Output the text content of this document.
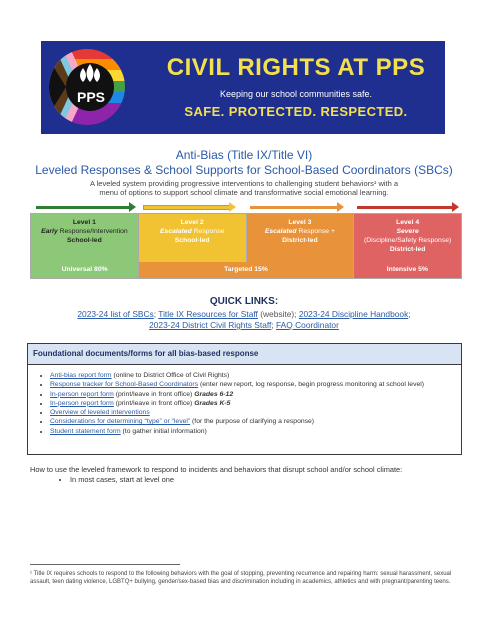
PPS
CIVIL RIGHTS AT PPS
Keeping our school communities safe.
SAFE. PROTECTED. RESPECTED.
Anti-Bias (Title IX/Title VI)
Leveled Responses & School Supports for School-Based Coordinators (SBCs)
A leveled system providing progressive interventions to challenging student behaviors¹ with a menu of options to support school climate and transformative social emotional learning.
Level 1
Early Response/Intervention
School-led
Level 2
Escalated Response
School-led
Level 3
Escalated Response +
District-led
Level 4
Severe
(Discipline/Safety Response)
District-led
Universal 80%	Targeted 15%	Intensive 5%
QUICK LINKS:
2023-24 list of SBCs; Title IX Resources for Staff (website); 2023-24 Discipline Handbook;
2023-24 District Civil Rights Staff; FAQ Coordinator
Foundational documents/forms for all bias-based response
• Anti-bias report form (online to District Office of Civil Rights)
• Response tracker for School-Based Coordinators (enter new report, log response, begin progress monitoring at school level)
• In-person report form (print/leave in front office) Grades 6-12
• In-person report form (print/leave in front office) Grades K-5
• Overview of leveled interventions
• Considerations for determining “type” or “level” (for the purpose of clarifying a response)
• Student statement form (to gather initial information)
How to use the leveled framework to respond to incidents and behaviors that disrupt school and/or school climate:
• In most cases, start at level one
¹ Title IX requires schools to respond to the following behaviors with the goal of stopping, preventing recurrence and repairing harm: sexual harassment, sexual assault, teen dating violence, LGBTQ+ bullying, gender/sex-based bias and discrimination including in academics, athletics and with pregnant/parenting teens.
